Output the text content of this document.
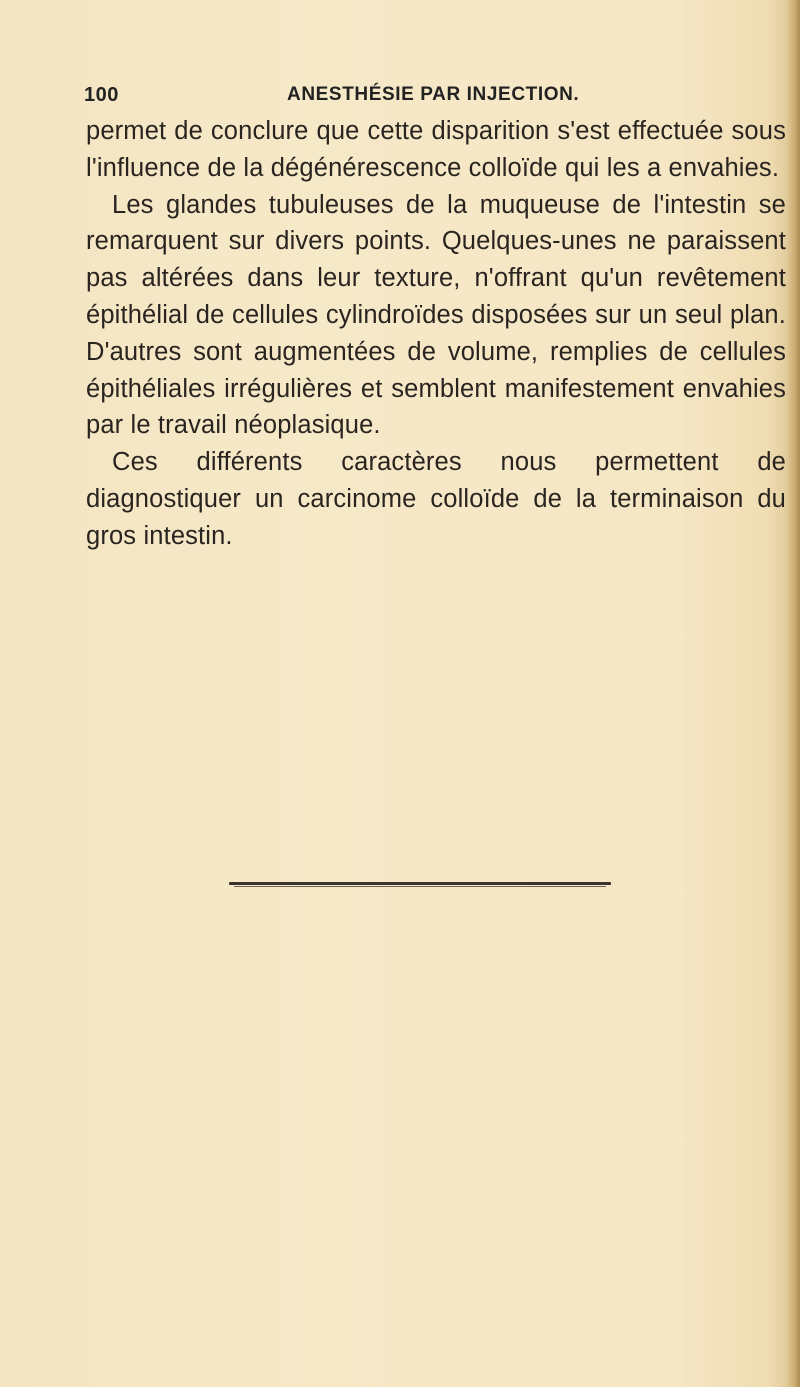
100	ANESTHÉSIE PAR INJECTION.

permet de conclure que cette disparition s'est effectuée sous l'influence de la dégénérescence colloïde qui les a envahies.

Les glandes tubuleuses de la muqueuse de l'intestin se remarquent sur divers points. Quelques-unes ne paraissent pas altérées dans leur texture, n'offrant qu'un revêtement épithélial de cellules cylindroïdes disposées sur un seul plan. D'autres sont augmentées de volume, remplies de cellules épithéliales irrégulières et semblent manifestement envahies par le travail néoplasique.

Ces différents caractères nous permettent de diagnostiquer un carcinome colloïde de la terminaison du gros intestin.
